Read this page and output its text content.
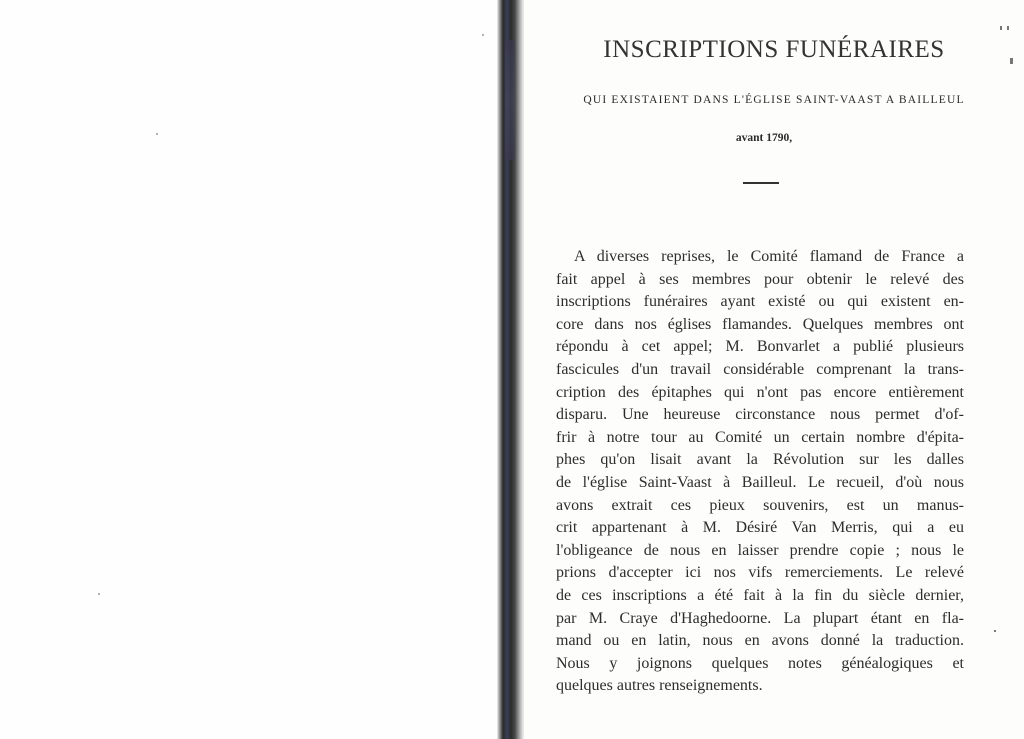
INSCRIPTIONS FUNÉRAIRES
QUI EXISTAIENT DANS L'ÉGLISE SAINT-VAAST A BAILLEUL
avant 1790,
A diverses reprises, le Comité flamand de France a
fait appel à ses membres pour obtenir le relevé des
inscriptions funéraires ayant existé ou qui existent en-
core dans nos églises flamandes. Quelques membres ont
répondu à cet appel; M. Bonvarlet a publié plusieurs
fascicules d'un travail considérable comprenant la trans-
cription des épitaphes qui n'ont pas encore entièrement
disparu. Une heureuse circonstance nous permet d'of-
frir à notre tour au Comité un certain nombre d'épita-
phes qu'on lisait avant la Révolution sur les dalles
de l'église Saint-Vaast à Bailleul. Le recueil, d'où nous
avons extrait ces pieux souvenirs, est un manus-
crit appartenant à M. Désiré Van Merris, qui a eu
l'obligeance de nous en laisser prendre copie ; nous le
prions d'accepter ici nos vifs remerciements. Le relevé
de ces inscriptions a été fait à la fin du siècle dernier,
par M. Craye d'Haghedoorne. La plupart étant en fla-
mand ou en latin, nous en avons donné la traduction.
Nous y joignons quelques notes généalogiques et
quelques autres renseignements.
